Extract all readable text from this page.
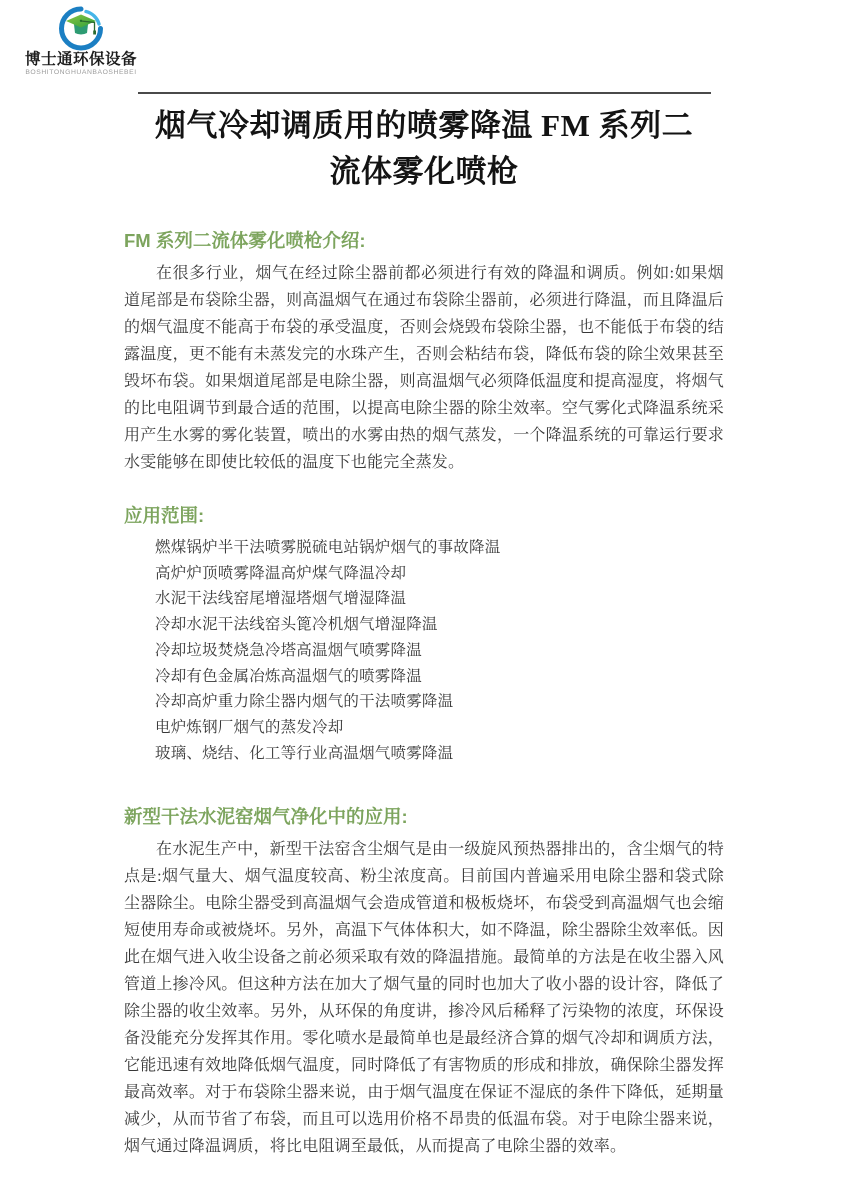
博士通环保设备
BOSHITONGHUANBAOSHEBEI
烟气冷却调质用的喷雾降温 FM 系列二
流体雾化喷枪
FM 系列二流体雾化喷枪介绍:

在很多行业，烟气在经过除尘器前都必须进行有效的降温和调质。例如:如果烟道尾部是布袋除尘器，则高温烟气在通过布袋除尘器前，必须进行降温，而且降温后的烟气温度不能高于布袋的承受温度，否则会烧毁布袋除尘器，也不能低于布袋的结露温度，更不能有未蒸发完的水珠产生，否则会粘结布袋，降低布袋的除尘效果甚至毁坏布袋。如果烟道尾部是电除尘器，则高温烟气必须降低温度和提高湿度，将烟气的比电阻调节到最合适的范围，以提高电除尘器的除尘效率。空气雾化式降温系统采用产生水雾的雾化装置，喷出的水雾由热的烟气蒸发，一个降温系统的可靠运行要求水雯能够在即使比较低的温度下也能完全蒸发。

应用范围:
燃煤锅炉半干法喷雾脱硫电站锅炉烟气的事故降温
高炉炉顶喷雾降温高炉煤气降温冷却
水泥干法线窑尾增湿塔烟气增湿降温
冷却水泥干法线窑头篦冷机烟气增湿降温
冷却垃圾焚烧急冷塔高温烟气喷雾降温
冷却有色金属冶炼高温烟气的喷雾降温
冷却高炉重力除尘器内烟气的干法喷雾降温
电炉炼钢厂烟气的蒸发冷却
玻璃、烧结、化工等行业高温烟气喷雾降温
新型干法水泥窑烟气净化中的应用:

在水泥生产中，新型干法窑含尘烟气是由一级旋风预热器排出的，含尘烟气的特点是:烟气量大、烟气温度较高、粉尘浓度高。目前国内普遍采用电除尘器和袋式除尘器除尘。电除尘器受到高温烟气会造成管道和极板烧坏，布袋受到高温烟气也会缩短使用寿命或被烧坏。另外，高温下气体体积大，如不降温，除尘器除尘效率低。因此在烟气进入收尘设备之前必须采取有效的降温措施。最简单的方法是在收尘器入风管道上掺冷风。但这种方法在加大了烟气量的同时也加大了收小器的设计容，降低了除尘器的收尘效率。另外，从环保的角度讲，掺冷风后稀释了污染物的浓度，环保设备没能充分发挥其作用。零化喷水是最简单也是最经济合算的烟气冷却和调质方法，它能迅速有效地降低烟气温度，同时降低了有害物质的形成和排放，确保除尘器发挥最高效率。对于布袋除尘器来说，由于烟气温度在保证不湿底的条件下降低，延期量减少，从而节省了布袋，而且可以选用价格不昂贵的低温布袋。对于电除尘器来说，烟气通过降温调质，将比电阻调至最低，从而提高了电除尘器的效率。
